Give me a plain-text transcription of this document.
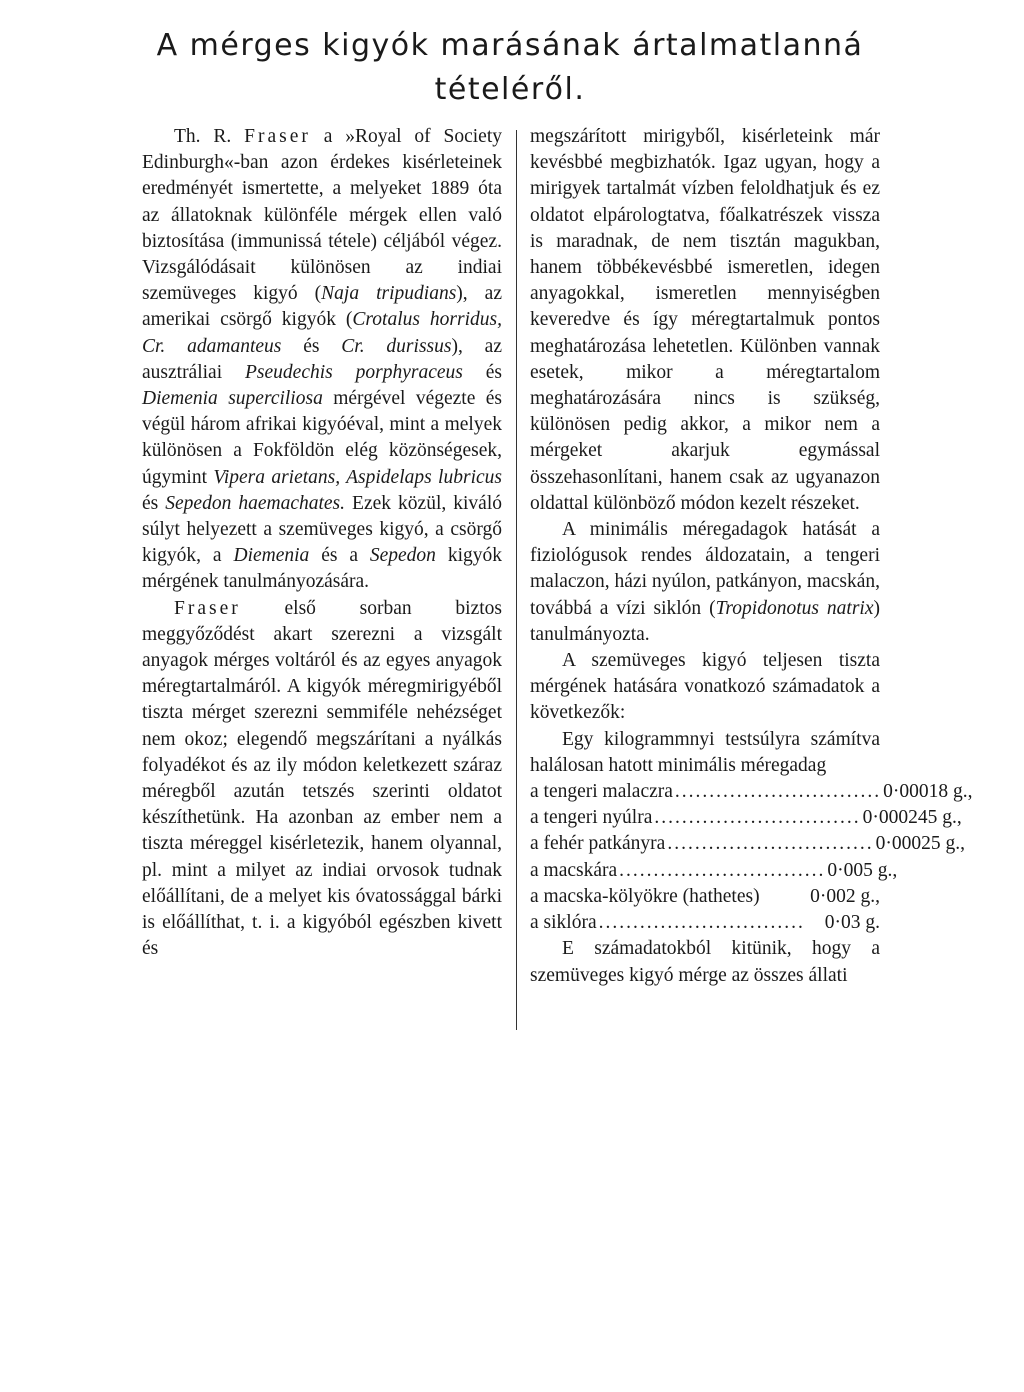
A mérges kigyók marásának ártalmatlanná
tételéről.

Th. R. Fraser a »Royal of Society Edinburgh«-ban azon érdekes kisérleteinek eredményét ismertette, a melyeket 1889 óta az állatoknak különféle mérgek ellen való biztosítása (immunissá tétele) céljából végez. Vizsgálódásait különösen az indiai szemüveges kigyó (Naja tripudians), az amerikai csörgő kigyók (Crotalus horridus, Cr. adamanteus és Cr. durissus), az ausztráliai Pseudechis porphyraceus és Diemenia superciliosa mérgével végezte és végül három afrikai kigyóéval, mint a melyek különösen a Fokföldön elég közönségesek, úgymint Vipera arietans, Aspidelaps lubricus és Sepedon haemachates. Ezek közül, kiváló súlyt helyezett a szemüveges kigyó, a csörgő kigyók, a Diemenia és a Sepedon kigyók mérgének tanulmányozására.

Fraser első sorban biztos meggyőződést akart szerezni a vizsgált anyagok mérges voltáról és az egyes anyagok méregtartalmáról. A kigyók méregmirigyéből tiszta mérget szerezni semmiféle nehézséget nem okoz; elegendő megszárítani a nyálkás folyadékot és az ily módon keletkezett száraz méregből azután tetszés szerinti oldatot készíthetünk. Ha azonban az ember nem a tiszta méreggel kisérletezik, hanem olyannal, pl. mint a milyet az indiai orvosok tudnak előállítani, de a melyet kis óvatossággal bárki is előállíthat, t. i. a kigyóból egészben kivett és

megszárított mirigyből, kisérleteink már kevésbbé megbizhatók. Igaz ugyan, hogy a mirigyek tartalmát vízben feloldhatjuk és ez oldatot elpárologtatva, főalkatrészek vissza is maradnak, de nem tisztán magukban, hanem többékevésbbé ismeretlen, idegen anyagokkal, ismeretlen mennyiségben keveredve és így méregtartalmuk pontos meghatározása lehetetlen. Különben vannak esetek, mikor a méregtartalom meghatározására nincs is szükség, különösen pedig akkor, a mikor nem a mérgeket akarjuk egymással összehasonlítani, hanem csak az ugyanazon oldattal különböző módon kezelt részeket.

A minimális méregadagok hatását a fiziológusok rendes áldozatain, a tengeri malaczon, házi nyúlon, patkányon, macskán, továbbá a vízi siklón (Tropidonotus natrix) tanulmányozta.

A szemüveges kigyó teljesen tiszta mérgének hatására vonatkozó számadatok a következők:

Egy kilogrammnyi testsúlyra számítva halálosan hatott minimális méregadag

a tengeri malaczra .............................. 0·00018 g.,
a tengeri nyúlra .............................. 0·000245 g.,
a fehér patkányra .............................. 0·00025 g.,
a macskára .............................. 0·005 g.,
a macska-kölyökre (hathetes)	0·002 g.,
a siklóra ..............................	0·03 g.

E számadatokból kitünik, hogy a szemüveges kigyó mérge az összes állati
